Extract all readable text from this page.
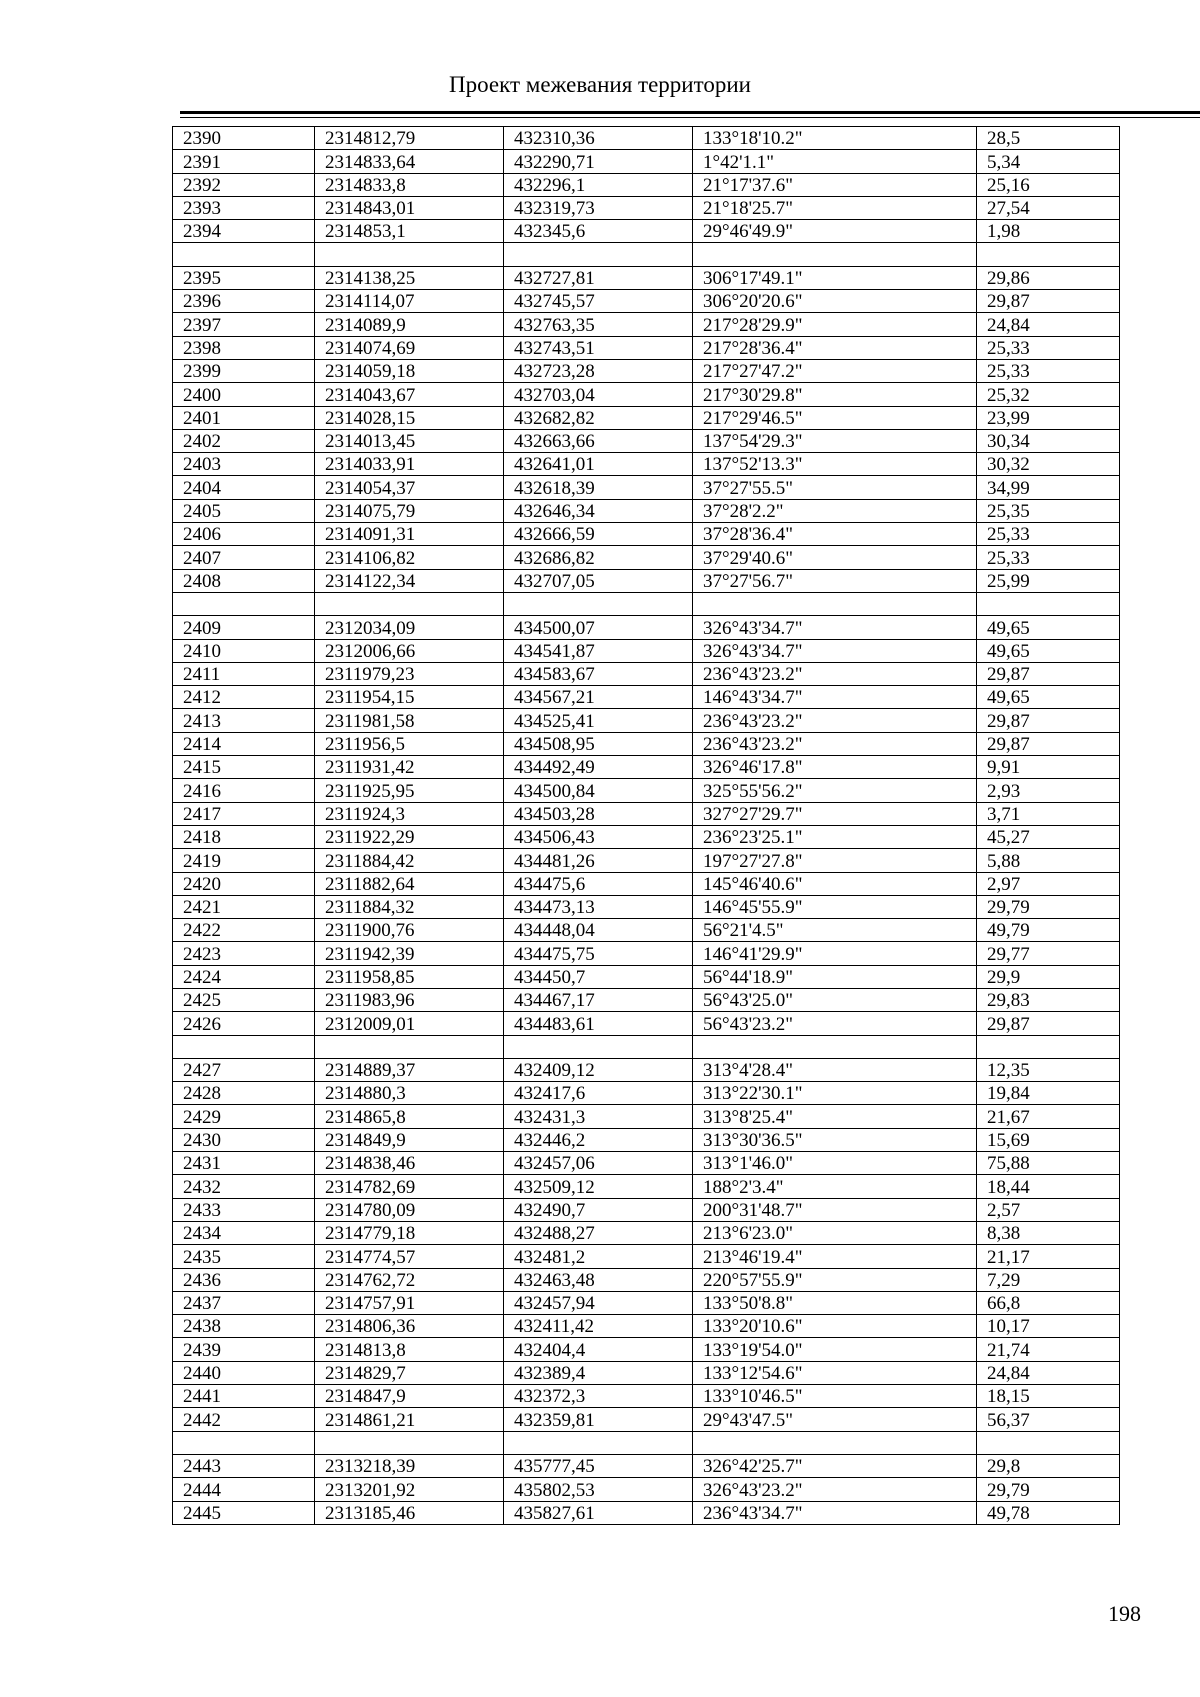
Проект межевания территории
2390	2314812,79	432310,36	133°18'10.2"	28,5
2391	2314833,64	432290,71	1°42'1.1"	5,34
2392	2314833,8	432296,1	21°17'37.6"	25,16
2393	2314843,01	432319,73	21°18'25.7"	27,54
2394	2314853,1	432345,6	29°46'49.9"	1,98

2395	2314138,25	432727,81	306°17'49.1"	29,86
2396	2314114,07	432745,57	306°20'20.6"	29,87
2397	2314089,9	432763,35	217°28'29.9"	24,84
2398	2314074,69	432743,51	217°28'36.4"	25,33
2399	2314059,18	432723,28	217°27'47.2"	25,33
2400	2314043,67	432703,04	217°30'29.8"	25,32
2401	2314028,15	432682,82	217°29'46.5"	23,99
2402	2314013,45	432663,66	137°54'29.3"	30,34
2403	2314033,91	432641,01	137°52'13.3"	30,32
2404	2314054,37	432618,39	37°27'55.5"	34,99
2405	2314075,79	432646,34	37°28'2.2"	25,35
2406	2314091,31	432666,59	37°28'36.4"	25,33
2407	2314106,82	432686,82	37°29'40.6"	25,33
2408	2314122,34	432707,05	37°27'56.7"	25,99

2409	2312034,09	434500,07	326°43'34.7"	49,65
2410	2312006,66	434541,87	326°43'34.7"	49,65
2411	2311979,23	434583,67	236°43'23.2"	29,87
2412	2311954,15	434567,21	146°43'34.7"	49,65
2413	2311981,58	434525,41	236°43'23.2"	29,87
2414	2311956,5	434508,95	236°43'23.2"	29,87
2415	2311931,42	434492,49	326°46'17.8"	9,91
2416	2311925,95	434500,84	325°55'56.2"	2,93
2417	2311924,3	434503,28	327°27'29.7"	3,71
2418	2311922,29	434506,43	236°23'25.1"	45,27
2419	2311884,42	434481,26	197°27'27.8"	5,88
2420	2311882,64	434475,6	145°46'40.6"	2,97
2421	2311884,32	434473,13	146°45'55.9"	29,79
2422	2311900,76	434448,04	56°21'4.5"	49,79
2423	2311942,39	434475,75	146°41'29.9"	29,77
2424	2311958,85	434450,7	56°44'18.9"	29,9
2425	2311983,96	434467,17	56°43'25.0"	29,83
2426	2312009,01	434483,61	56°43'23.2"	29,87

2427	2314889,37	432409,12	313°4'28.4"	12,35
2428	2314880,3	432417,6	313°22'30.1"	19,84
2429	2314865,8	432431,3	313°8'25.4"	21,67
2430	2314849,9	432446,2	313°30'36.5"	15,69
2431	2314838,46	432457,06	313°1'46.0"	75,88
2432	2314782,69	432509,12	188°2'3.4"	18,44
2433	2314780,09	432490,7	200°31'48.7"	2,57
2434	2314779,18	432488,27	213°6'23.0"	8,38
2435	2314774,57	432481,2	213°46'19.4"	21,17
2436	2314762,72	432463,48	220°57'55.9"	7,29
2437	2314757,91	432457,94	133°50'8.8"	66,8
2438	2314806,36	432411,42	133°20'10.6"	10,17
2439	2314813,8	432404,4	133°19'54.0"	21,74
2440	2314829,7	432389,4	133°12'54.6"	24,84
2441	2314847,9	432372,3	133°10'46.5"	18,15
2442	2314861,21	432359,81	29°43'47.5"	56,37

2443	2313218,39	435777,45	326°42'25.7"	29,8
2444	2313201,92	435802,53	326°43'23.2"	29,79
2445	2313185,46	435827,61	236°43'34.7"	49,78
198
